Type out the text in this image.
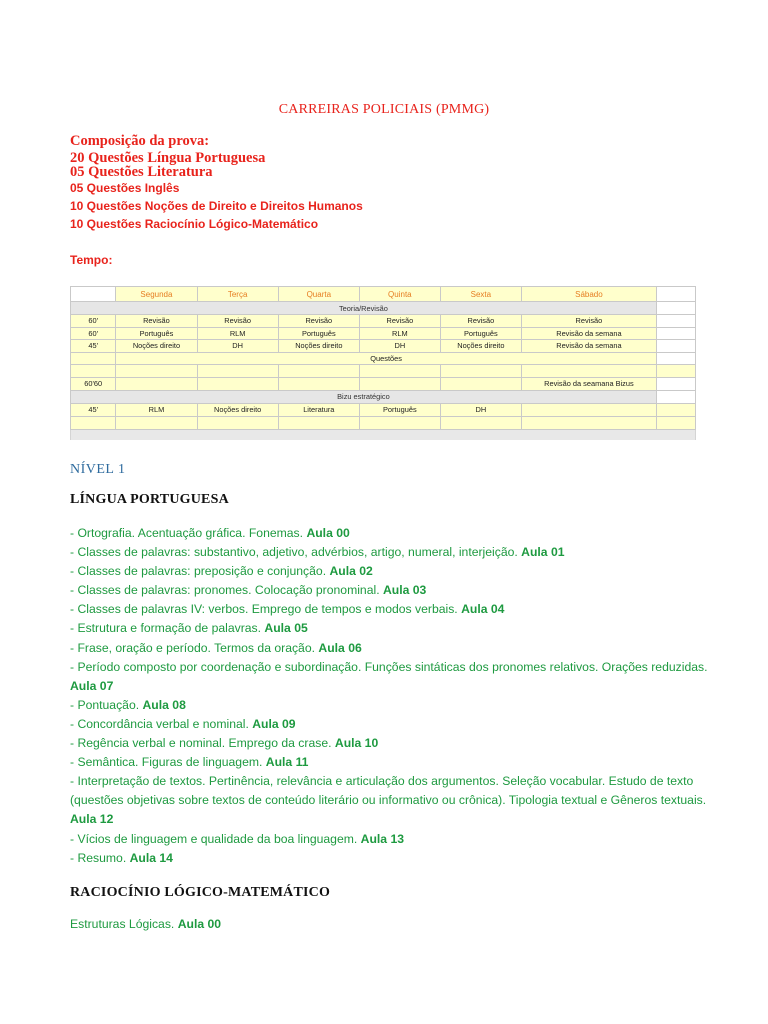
CARREIRAS POLICIAIS (PMMG)
Composição da prova:
20 Questões Língua Portuguesa
05 Questões Literatura
05 Questões Inglês
10 Questões Noções de Direito e Direitos Humanos
10 Questões Raciocínio Lógico-Matemático
Tempo:
	Segunda	Terça	Quarta	Quinta	Sexta	Sábado	
Teoria/Revisão							
60'	Revisão	Revisão	Revisão	Revisão	Revisão	Revisão	
60'	Português	RLM	Português	RLM	Português	Revisão da semana	
45'	Noções direito	DH	Noções direito	DH	Noções direito	Revisão da semana	
	Questões						

60'60						Revisão da seamana Bizus	
Bizu estratégico							
45'	RLM	Noções direito	Literatura	Português	DH		

NÍVEL 1
LÍNGUA PORTUGUESA

- Ortografia. Acentuação gráfica. Fonemas. Aula 00

- Classes de palavras: substantivo, adjetivo, advérbios, artigo, numeral, interjeição. Aula 01

- Classes de palavras: preposição e conjunção. Aula 02

- Classes de palavras: pronomes. Colocação pronominal. Aula 03

- Classes de palavras IV: verbos. Emprego de tempos e modos verbais. Aula 04

- Estrutura e formação de palavras. Aula 05

- Frase, oração e período. Termos da oração. Aula 06

- Período composto por coordenação e subordinação. Funções sintáticas dos pronomes relativos. Orações reduzidas. Aula 07

- Pontuação. Aula 08

- Concordância verbal e nominal. Aula 09

- Regência verbal e nominal. Emprego da crase. Aula 10

- Semântica. Figuras de linguagem. Aula 11

- Interpretação de textos. Pertinência, relevância e articulação dos argumentos. Seleção vocabular. Estudo de texto (questões objetivas sobre textos de conteúdo literário ou informativo ou crônica). Tipologia textual e Gêneros textuais. Aula 12

- Vícios de linguagem e qualidade da boa linguagem. Aula 13

- Resumo. Aula 14

RACIOCÍNIO LÓGICO-MATEMÁTICO
Estruturas Lógicas. Aula 00
